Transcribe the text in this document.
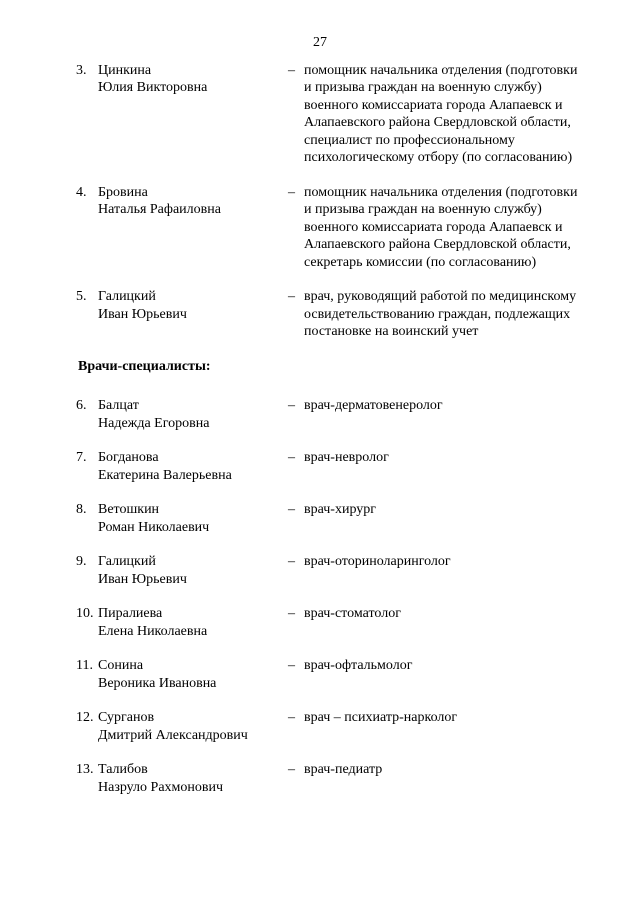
27
3. Цинкина
Юлия Викторовна
– помощник начальника отделения (подготовки
и призыва граждан на военную службу)
военного комиссариата города Алапаевск и
Алапаевского района Свердловской области,
специалист по профессиональному
психологическому отбору (по согласованию)
4. Бровина
Наталья Рафаиловна
– помощник начальника отделения (подготовки
и призыва граждан на военную службу)
военного комиссариата города Алапаевск и
Алапаевского района Свердловской области,
секретарь комиссии (по согласованию)
5. Галицкий
Иван Юрьевич
– врач, руководящий работой по медицинскому
освидетельствованию граждан, подлежащих
постановке на воинский учет
Врачи-специалисты:
6. Балцат
Надежда Егоровна
– врач-дерматовенеролог
7. Богданова
Екатерина Валерьевна
– врач-невролог
8. Ветошкин
Роман Николаевич
– врач-хирург
9. Галицкий
Иван Юрьевич
– врач-оториноларинголог
10. Пиралиева
Елена Николаевна
– врач-стоматолог
11. Сонина
Вероника Ивановна
– врач-офтальмолог
12. Сурганов
Дмитрий Александрович
– врач – психиатр-нарколог
13. Талибов
Назруло Рахмонович
– врач-педиатр
